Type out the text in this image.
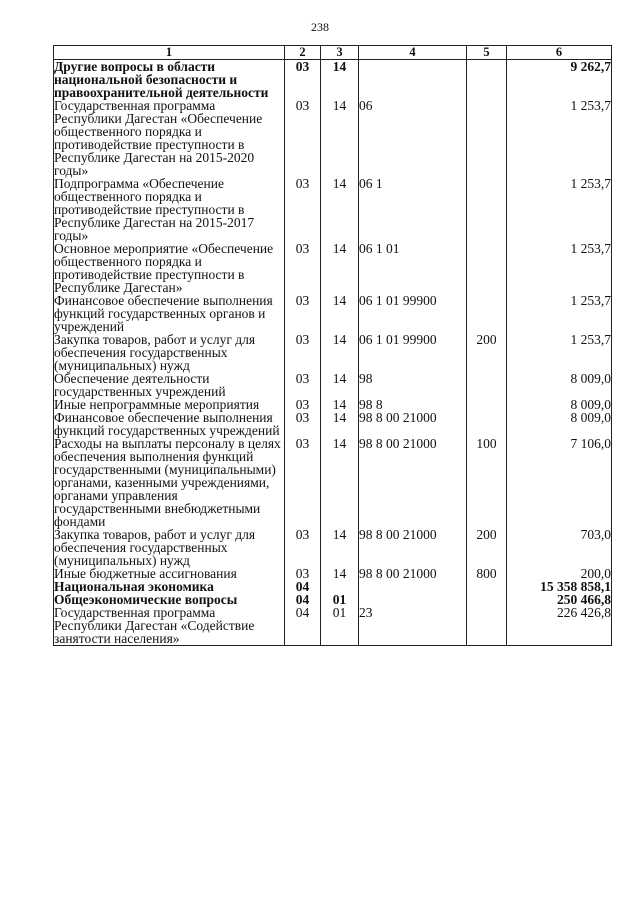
238
1	2	3	4	5	6
Другие вопросы в области национальной безопасности и правоохранительной деятельности	03	14			9 262,7
Государственная программа Республики Дагестан «Обеспечение общественного порядка и противодействие преступности в Республике Дагестан на 2015-2020 годы»	03	14	06		1 253,7
Подпрограмма «Обеспечение общественного порядка и противодействие преступности в Республике Дагестан на 2015-2017 годы»	03	14	06 1		1 253,7
Основное мероприятие «Обеспечение общественного порядка и противодействие преступности в Республике Дагестан»	03	14	06 1 01		1 253,7
Финансовое обеспечение выполнения функций государственных органов и учреждений	03	14	06 1 01 99900		1 253,7
Закупка товаров, работ и услуг для обеспечения государственных (муниципальных) нужд	03	14	06 1 01 99900	200	1 253,7
Обеспечение деятельности государственных учреждений	03	14	98		8 009,0
Иные непрограммные мероприятия	03	14	98 8		8 009,0
Финансовое обеспечение выполнения функций государственных учреждений	03	14	98 8 00 21000		8 009,0
Расходы на выплаты персоналу в целях обеспечения выполнения функций государственными (муниципальными) органами, казенными учреждениями, органами управления государственными внебюджетными фондами	03	14	98 8 00 21000	100	7 106,0
Закупка товаров, работ и услуг для обеспечения государственных (муниципальных) нужд	03	14	98 8 00 21000	200	703,0
Иные бюджетные ассигнования	03	14	98 8 00 21000	800	200,0
Национальная экономика	04				15 358 858,1
Общеэкономические вопросы	04	01			250 466,8
Государственная программа Республики Дагестан «Содействие занятости населения»	04	01	23		226 426,8
